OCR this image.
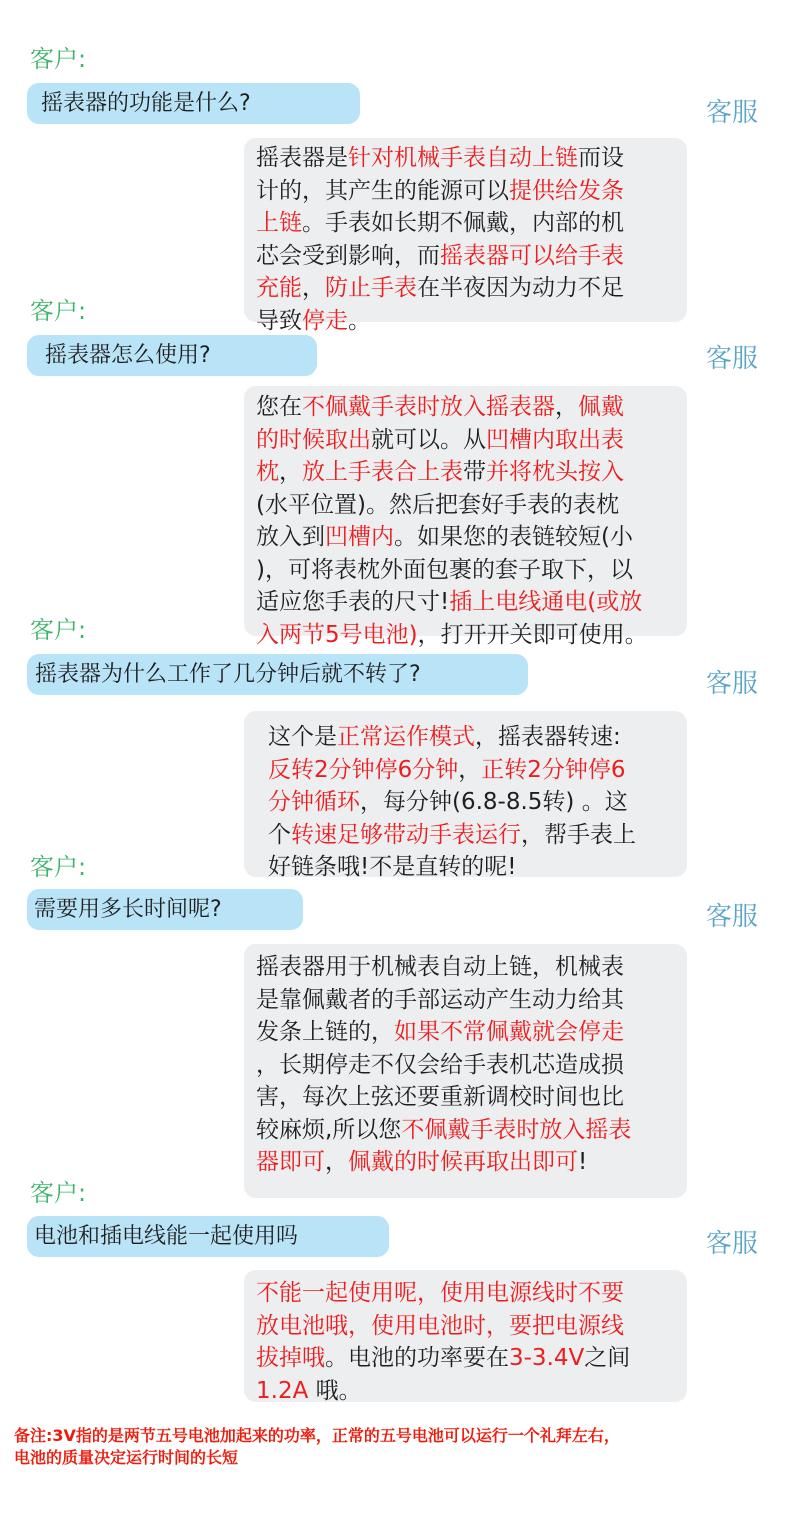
客户:
摇表器的功能是什么?	客服
摇表器是针对机械手表自动上链而设
计的，其产生的能源可以提供给发条
上链。手表如长期不佩戴，内部的机
芯会受到影响，而摇表器可以给手表
充能，防止手表在半夜因为动力不足
导致停走。
客户:
摇表器怎么使用?	客服
您在不佩戴手表时放入摇表器，佩戴
的时候取出就可以。从凹槽内取出表
枕，放上手表合上表带并将枕头按入
(水平位置)。然后把套好手表的表枕
放入到凹槽内。如果您的表链较短(小
)，可将表枕外面包裹的套子取下，以
适应您手表的尺寸!插上电线通电(或放
入两节5号电池)，打开开关即可使用。
客户:
摇表器为什么工作了几分钟后就不转了?	客服
这个是正常运作模式，摇表器转速:
反转2分钟停6分钟，正转2分钟停6
分钟循环，每分钟(6.8-8.5转) 。这
个转速足够带动手表运行，帮手表上
好链条哦!不是直转的呢!
客户:
需要用多长时间呢?	客服
摇表器用于机械表自动上链，机械表
是靠佩戴者的手部运动产生动力给其
发条上链的，如果不常佩戴就会停走
，长期停走不仅会给手表机芯造成损
害，每次上弦还要重新调校时间也比
较麻烦,所以您不佩戴手表时放入摇表
器即可，佩戴的时候再取出即可!
客户:
电池和插电线能一起使用吗	客服
不能一起使用呢，使用电源线时不要
放电池哦，使用电池时，要把电源线
拔掉哦。电池的功率要在3-3.4V之间
1.2A 哦。
备注:3V指的是两节五号电池加起来的功率，正常的五号电池可以运行一个礼拜左右，
电池的质量决定运行时间的长短
